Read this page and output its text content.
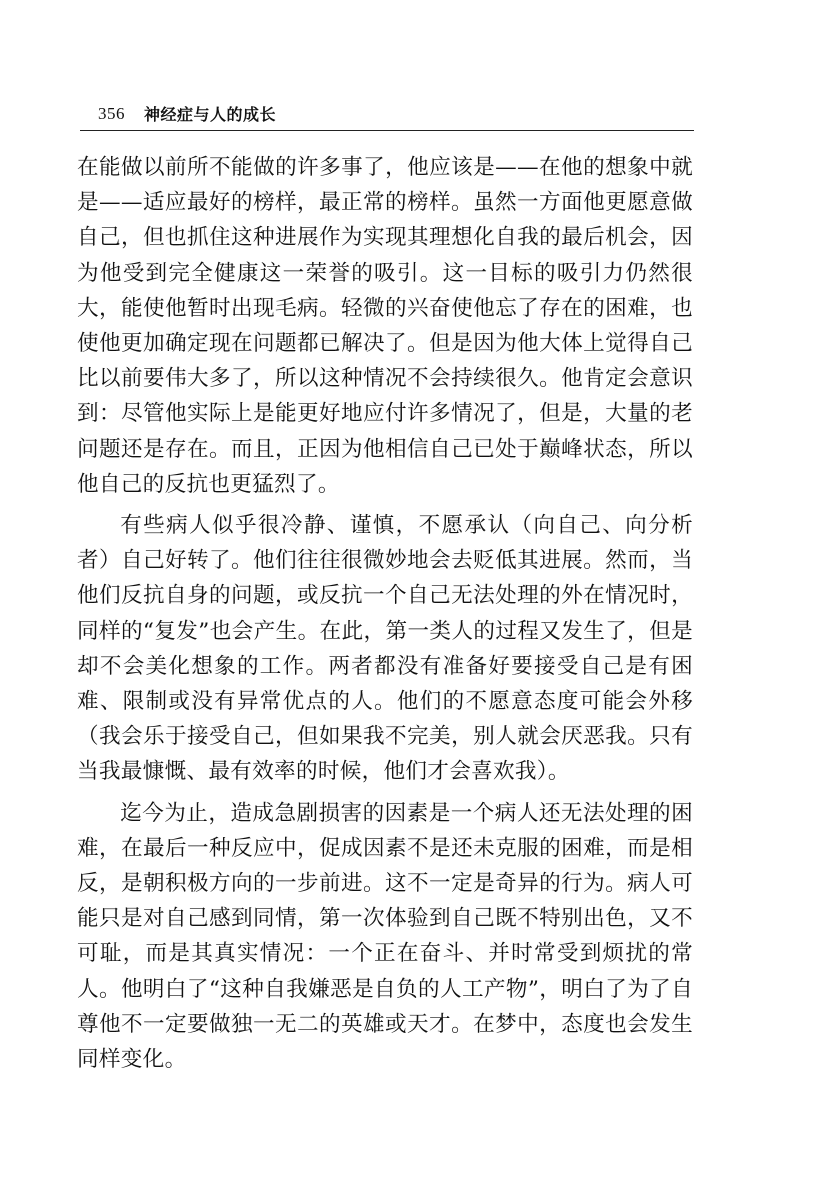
356 神经症与人的成长

在能做以前所不能做的许多事了，他应该是——在他的想象中就是——适应最好的榜样，最正常的榜样。虽然一方面他更愿意做自己，但也抓住这种进展作为实现其理想化自我的最后机会，因为他受到完全健康这一荣誉的吸引。这一目标的吸引力仍然很大，能使他暂时出现毛病。轻微的兴奋使他忘了存在的困难，也使他更加确定现在问题都已解决了。但是因为他大体上觉得自己比以前要伟大多了，所以这种情况不会持续很久。他肯定会意识到：尽管他实际上是能更好地应付许多情况了，但是，大量的老问题还是存在。而且，正因为他相信自己已处于巅峰状态，所以他自己的反抗也更猛烈了。

有些病人似乎很冷静、谨慎，不愿承认（向自己、向分析者）自己好转了。他们往往很微妙地会去贬低其进展。然而，当他们反抗自身的问题，或反抗一个自己无法处理的外在情况时，同样的“复发”也会产生。在此，第一类人的过程又发生了，但是却不会美化想象的工作。两者都没有准备好要接受自己是有困难、限制或没有异常优点的人。他们的不愿意态度可能会外移（我会乐于接受自己，但如果我不完美，别人就会厌恶我。只有当我最慷慨、最有效率的时候，他们才会喜欢我）。

迄今为止，造成急剧损害的因素是一个病人还无法处理的困难，在最后一种反应中，促成因素不是还未克服的困难，而是相反，是朝积极方向的一步前进。这不一定是奇异的行为。病人可能只是对自己感到同情，第一次体验到自己既不特别出色，又不可耻，而是其真实情况：一个正在奋斗、并时常受到烦扰的常人。他明白了“这种自我嫌恶是自负的人工产物”，明白了为了自尊他不一定要做独一无二的英雄或天才。在梦中，态度也会发生同样变化。
